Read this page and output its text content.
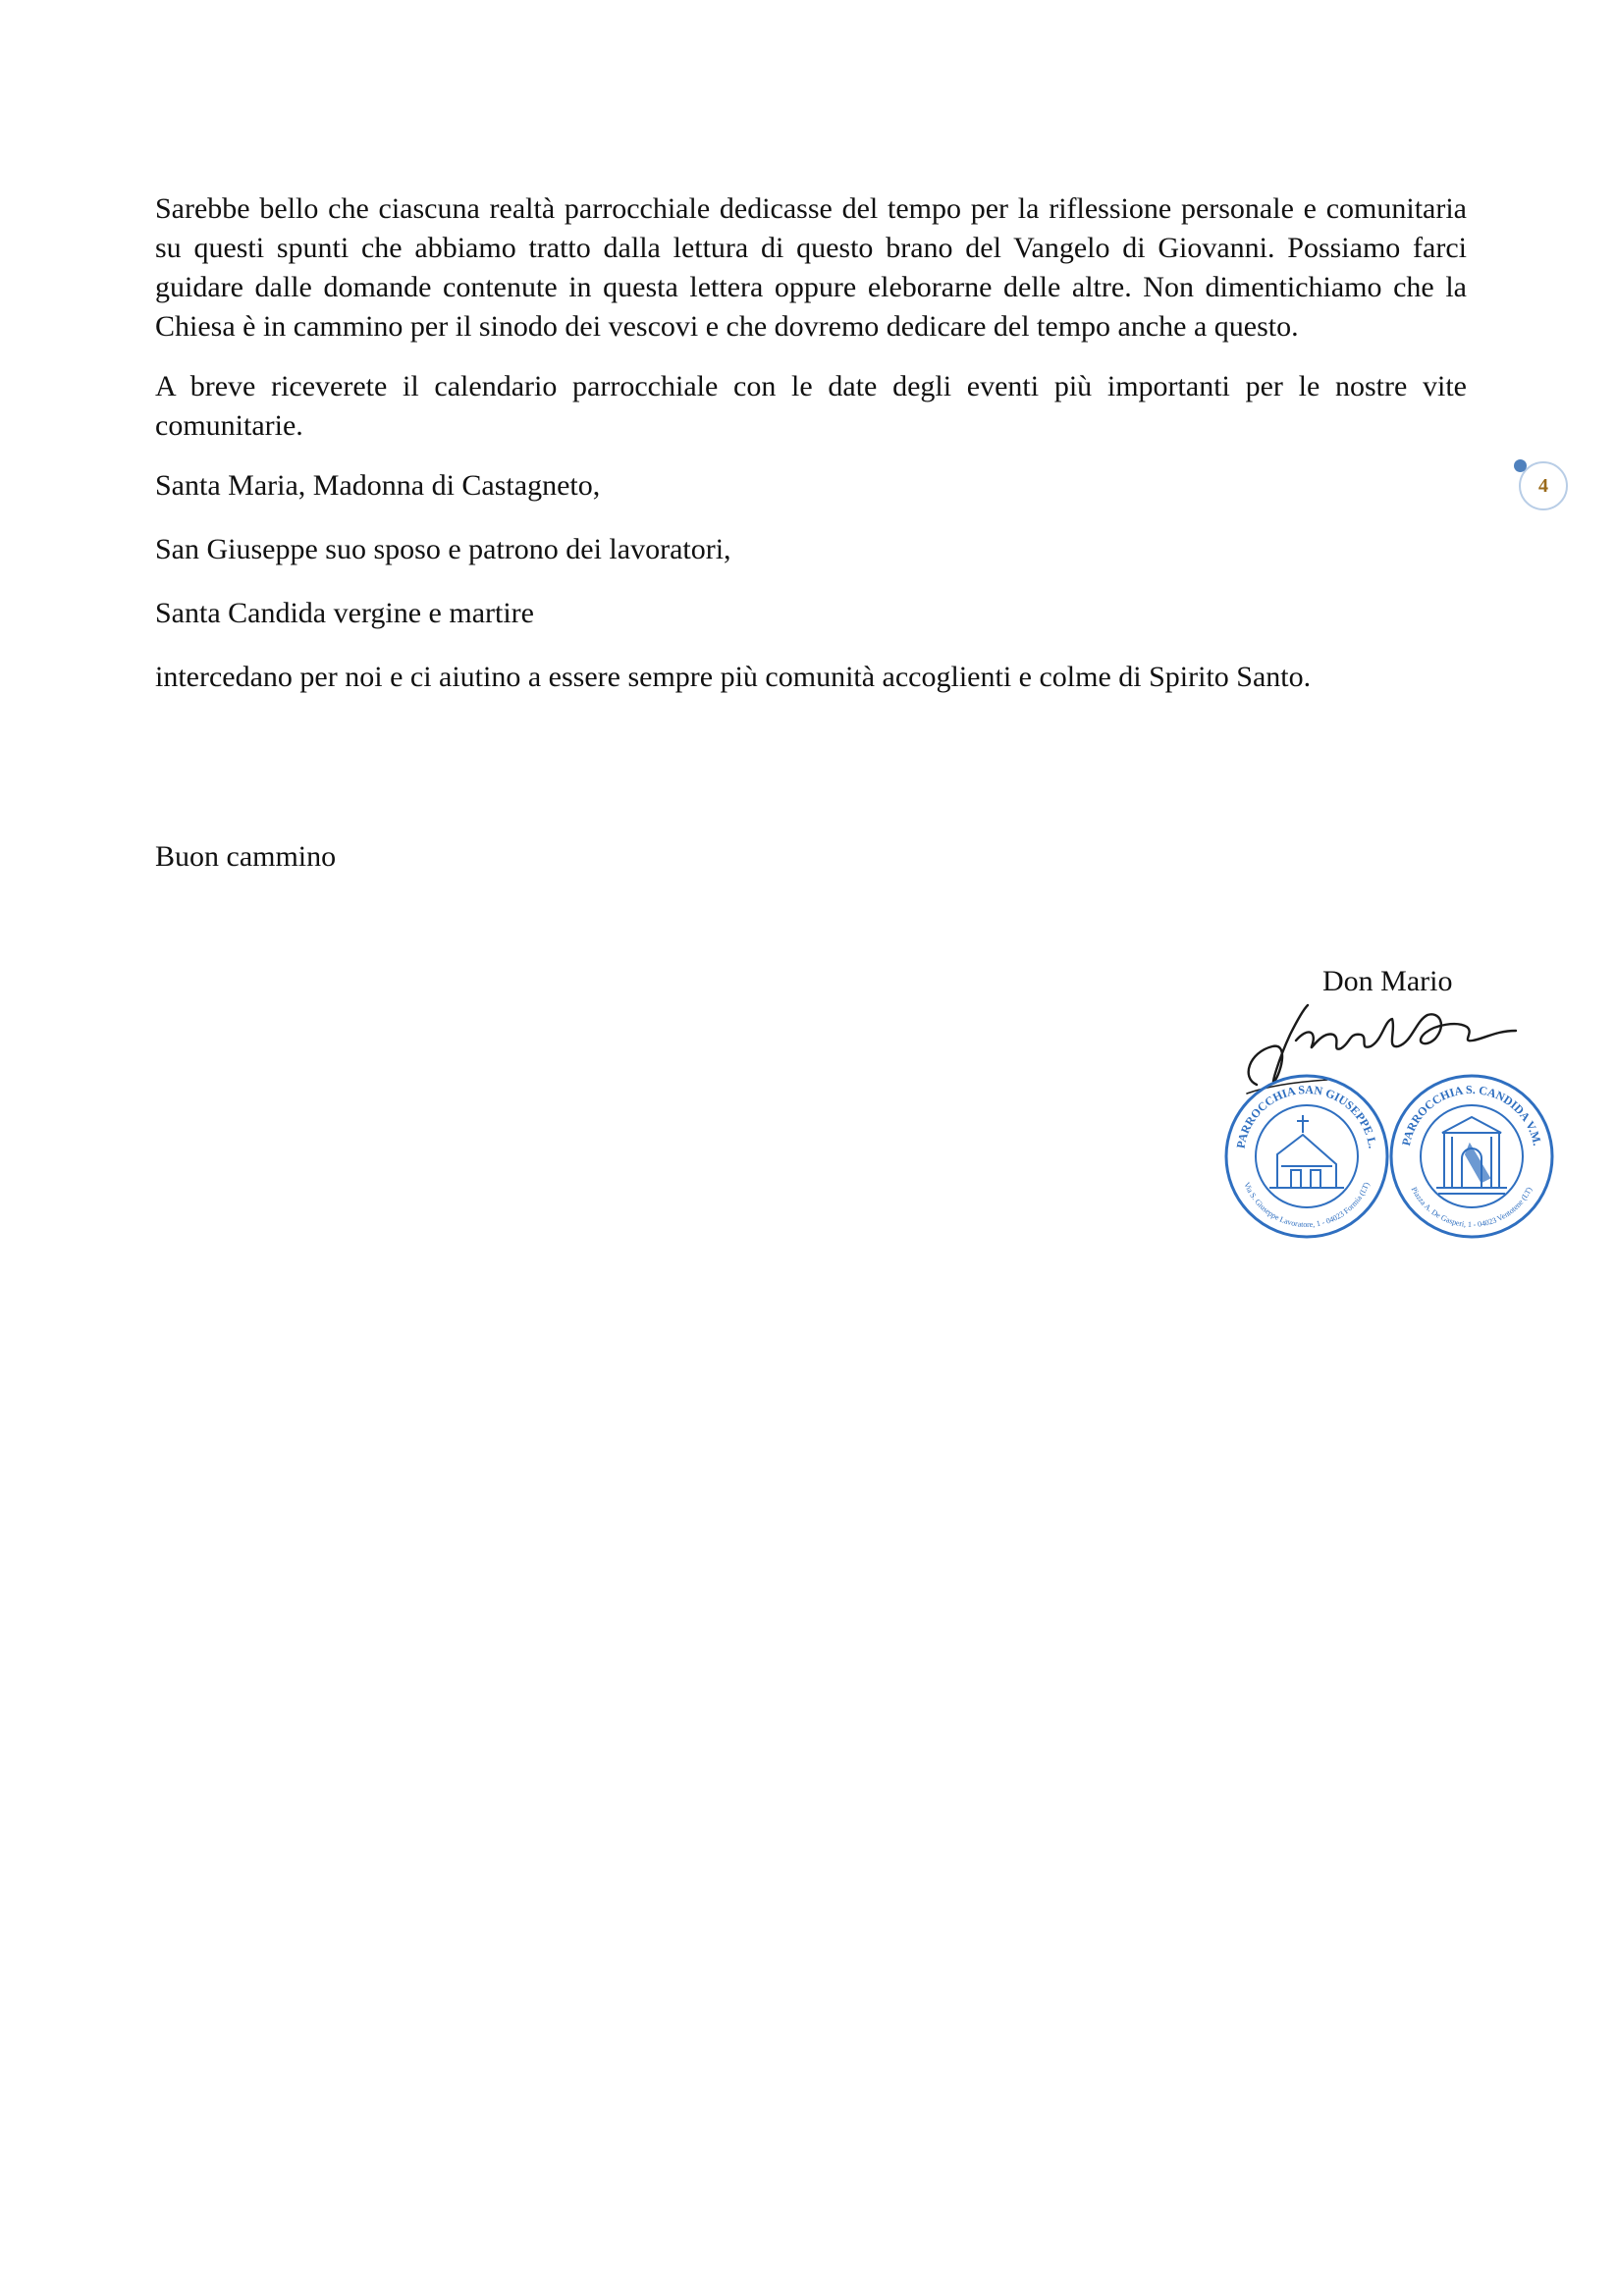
Sarebbe bello che ciascuna realtà parrocchiale dedicasse del tempo per la riflessione personale e comunitaria su questi spunti che abbiamo tratto dalla lettura di questo brano del Vangelo di Giovanni. Possiamo farci guidare dalle domande contenute in questa lettera oppure eleborarne delle altre. Non dimentichiamo che la Chiesa è in cammino per il sinodo dei vescovi e che dovremo dedicare del tempo anche a questo.

A breve riceverete il calendario parrocchiale con le date degli eventi più importanti per le nostre vite comunitarie.

Santa Maria, Madonna di Castagneto,

San Giuseppe suo sposo e patrono dei lavoratori,

Santa Candida vergine e martire

intercedano per noi e ci aiutino a essere sempre più comunità accoglienti e colme di Spirito Santo.

Buon cammino
Don Mario
4
PARROCCHIA SAN GIUSEPPE L.
Via S. Giuseppe Lavoratore, 1 - 04023 Formia (LT)
PARROCCHIA S. CANDIDA V.M.
Piazza A. De Gasperi, 1 - 04023 Ventotene (LT)
